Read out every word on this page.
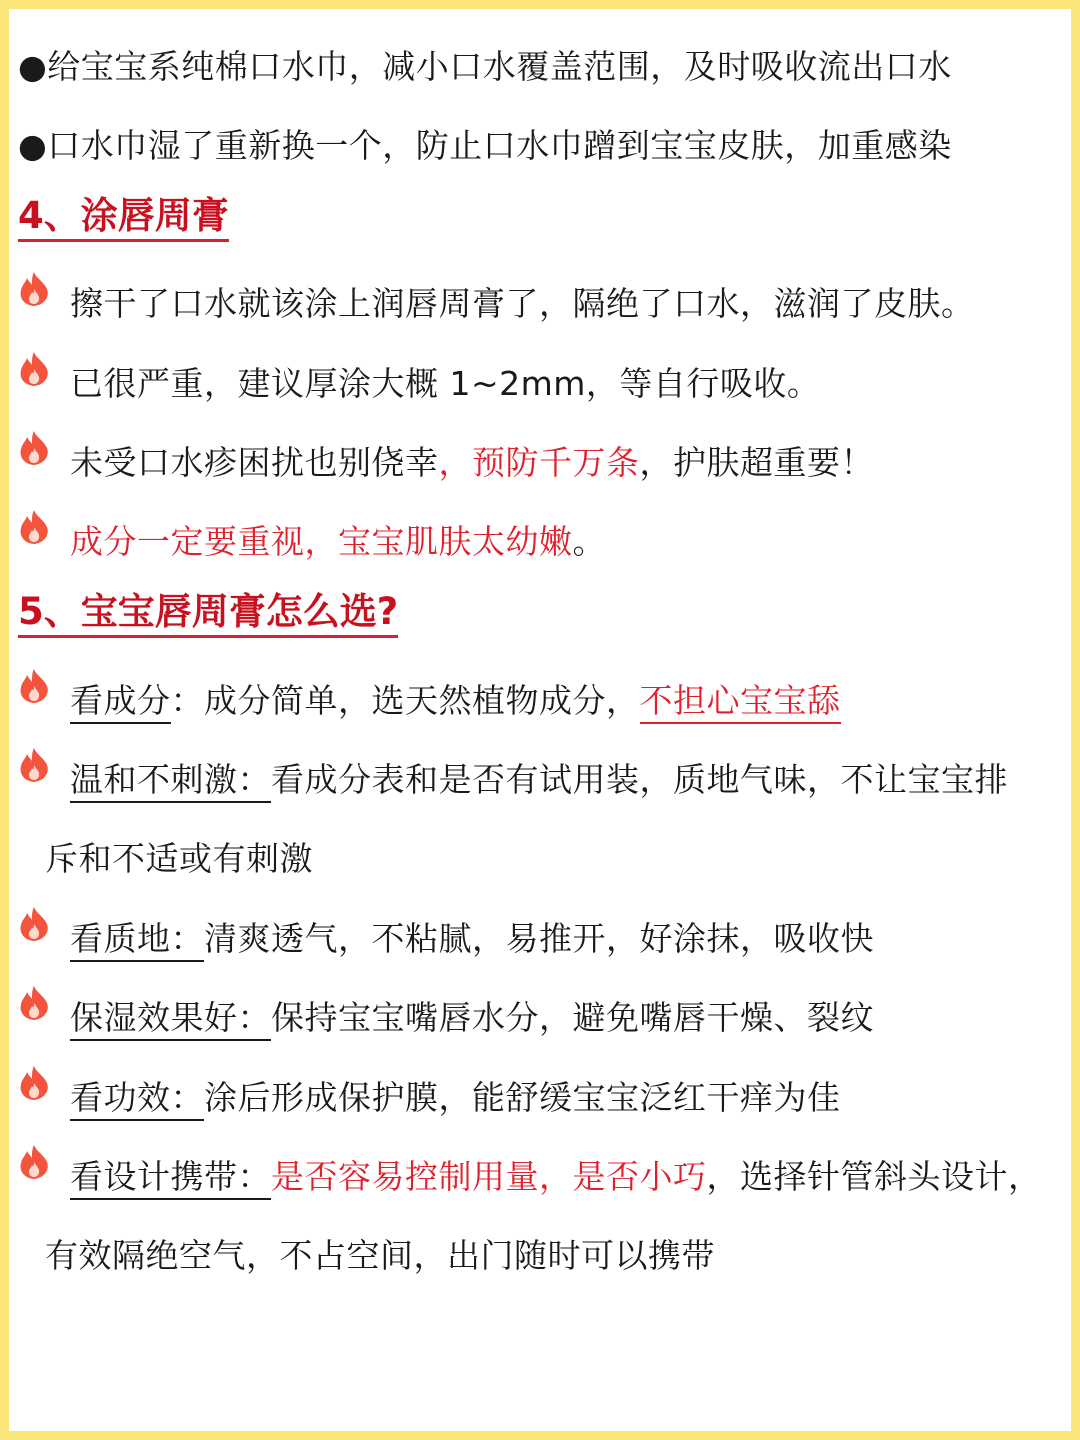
●给宝宝系纯棉口水巾，减小口水覆盖范围，及时吸收流出口水
●口水巾湿了重新换一个，防止口水巾蹭到宝宝皮肤，加重感染
4、涂唇周膏
擦干了口水就该涂上润唇周膏了，隔绝了口水，滋润了皮肤。
已很严重，建议厚涂大概 1~2mm，等自行吸收。
未受口水疹困扰也别侥幸，预防千万条，护肤超重要！
成分一定要重视，宝宝肌肤太幼嫩。
5、宝宝唇周膏怎么选?
看成分：成分简单，选天然植物成分，不担心宝宝舔
温和不刺激：看成分表和是否有试用装，质地气味，不让宝宝排
斥和不适或有刺激
看质地：清爽透气，不粘腻，易推开，好涂抹，吸收快
保湿效果好：保持宝宝嘴唇水分，避免嘴唇干燥、裂纹
看功效：涂后形成保护膜，能舒缓宝宝泛红干痒为佳
看设计携带：是否容易控制用量，是否小巧，选择针管斜头设计，
有效隔绝空气，不占空间，出门随时可以携带
